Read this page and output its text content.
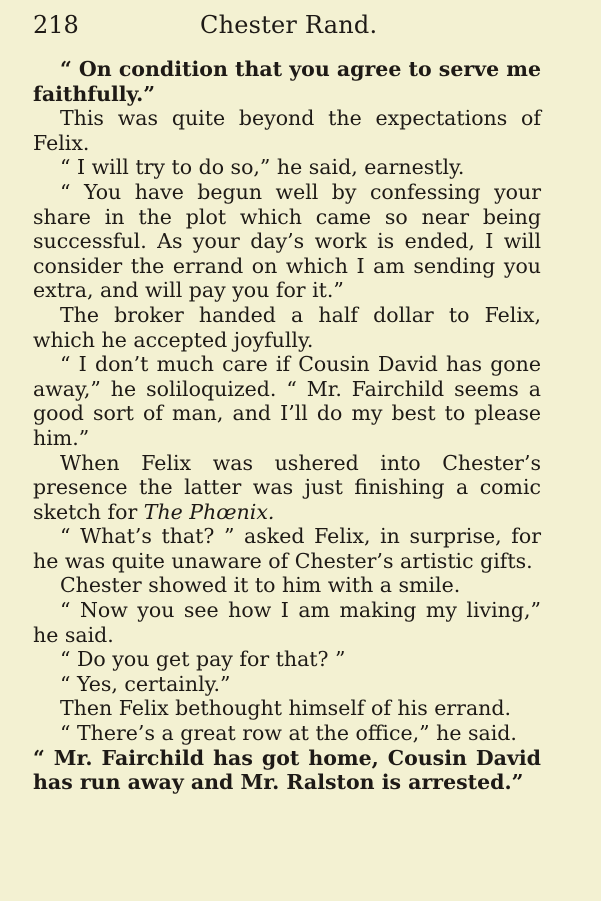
218	Chester Rand.

“ On condition that you agree to serve me faithfully.”

This was quite beyond the expectations of Felix.

“ I will try to do so,” he said, earnestly.

“ You have begun well by confessing your share in the plot which came so near being successful. As your day’s work is ended, I will consider the errand on which I am sending you extra, and will pay you for it.”

The broker handed a half dollar to Felix, which he accepted joyfully.

“ I don’t much care if Cousin David has gone away,” he soliloquized. “ Mr. Fairchild seems a good sort of man, and I’ll do my best to please him.”

When Felix was ushered into Chester’s presence the latter was just finishing a comic sketch for The Phœnix.

“ What’s that? ” asked Felix, in surprise, for he was quite unaware of Chester’s artistic gifts.

Chester showed it to him with a smile.

“ Now you see how I am making my living,” he said.

“ Do you get pay for that? ”

“ Yes, certainly.”

Then Felix bethought himself of his errand.

“ There’s a great row at the office,” he said.

“ Mr. Fairchild has got home, Cousin David has run away and Mr. Ralston is arrested.”
